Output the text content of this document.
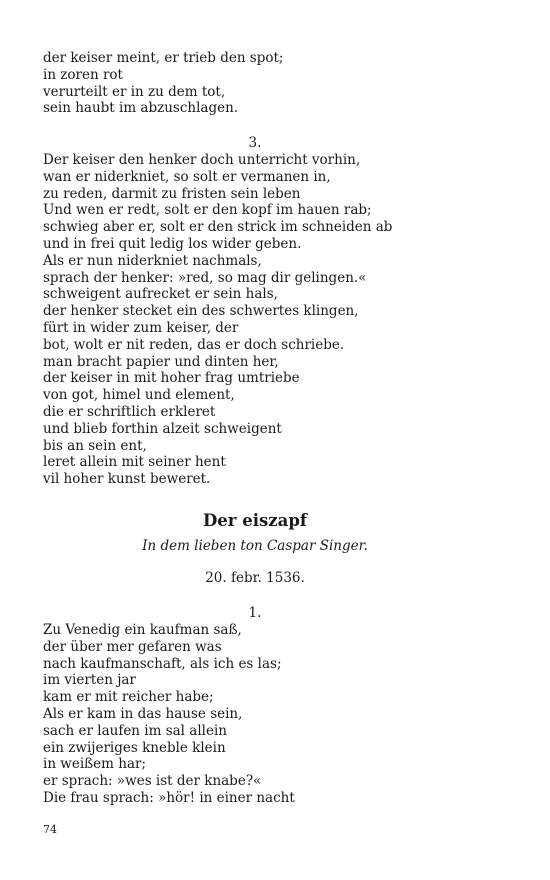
der keiser meint, er trieb den spot;
in zoren rot
verurteilt er in zu dem tot,
sein haubt im abzuschlagen.
3.
Der keiser den henker doch unterricht vorhin,
wan er niderkniet, so solt er vermanen in,
zu reden, darmit zu fristen sein leben
Und wen er redt, solt er den kopf im hauen rab;
schwieg aber er, solt er den strick im schneiden ab
und in frei quit ledig los wider geben.
Als er nun niderkniet nachmals,
sprach der henker: »red, so mag dir gelingen.«
schweigent aufrecket er sein hals,
der henker stecket ein des schwertes klingen,
fürt in wider zum keiser, der
bot, wolt er nit reden, das er doch schriebe.
man bracht papier und dinten her,
der keiser in mit hoher frag umtriebe
von got, himel und element,
die er schriftlich erkleret
und blieb forthin alzeit schweigent
bis an sein ent,
leret allein mit seiner hent
vil hoher kunst beweret.
Der eiszapf
In dem lieben ton Caspar Singer.
20. febr. 1536.
1.
Zu Venedig ein kaufman saß,
der über mer gefaren was
nach kaufmanschaft, als ich es las;
im vierten jar
kam er mit reicher habe;
Als er kam in das hause sein,
sach er laufen im sal allein
ein zwijeriges kneble klein
in weißem har;
er sprach: »wes ist der knabe?«
Die frau sprach: »hör! in einer nacht
74
